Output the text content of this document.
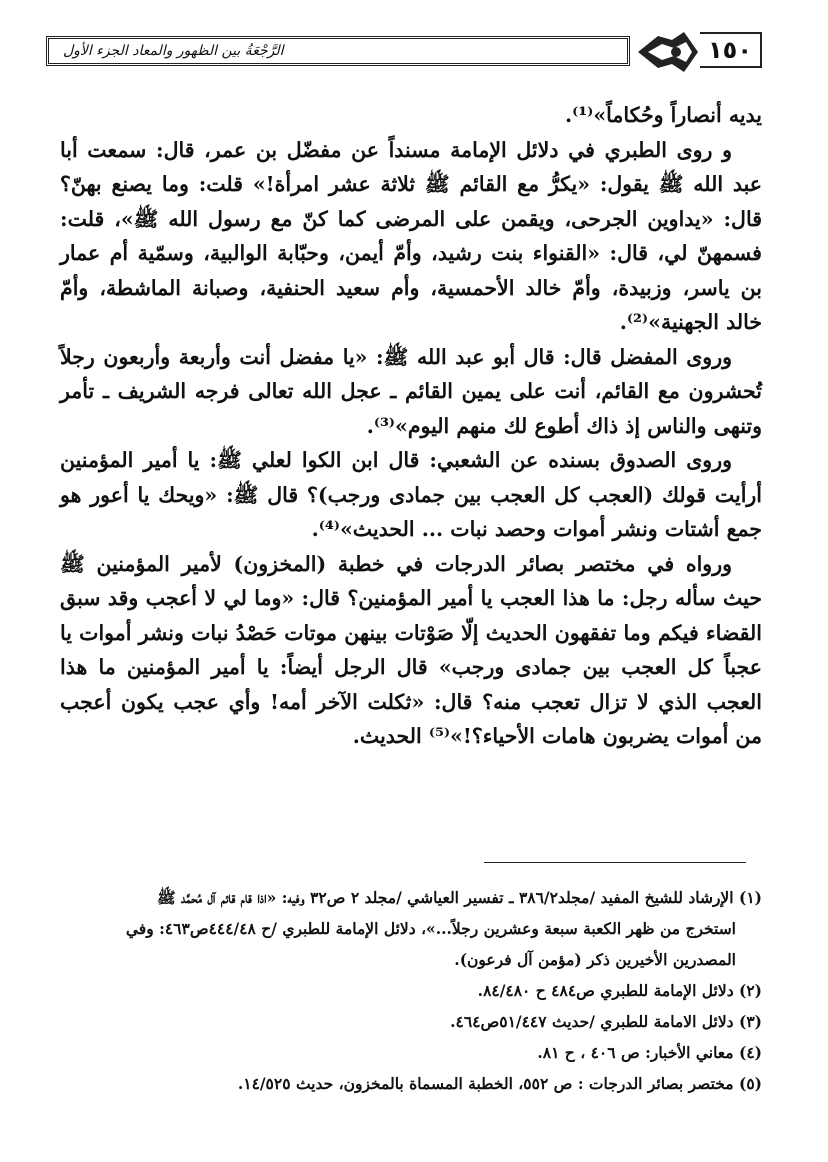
الرَّجْعَةُ بين الظهور والمعاد الجزء الأول	١٥٠

يديه أنصاراً وحُكاماً»⁽¹⁾.

و روى الطبري في دلائل الإمامة مسنداً عن مفضّل بن عمر، قال: سمعت أبا عبد الله ﷺ يقول: «يكرُّ مع القائم ﷺ ثلاثة عشر امرأة!» قلت: وما يصنع بهنّ؟ قال: «يداوين الجرحى، ويقمن على المرضى كما كنّ مع رسول الله ﷺ»، قلت: فسمهنّ لي، قال: «القنواء بنت رشيد، وأمّ أيمن، وحبّابة الوالبية، وسمّية أم عمار بن ياسر، وزبيدة، وأمّ خالد الأحمسية، وأم سعيد الحنفية، وصبانة الماشطة، وأمّ خالد الجهنية»⁽²⁾.

وروى المفضل قال: قال أبو عبد الله ﷺ: «يا مفضل أنت وأربعة وأربعون رجلاً تُحشرون مع القائم، أنت على يمين القائم ـ عجل الله تعالى فرجه الشريف ـ تأمر وتنهى والناس إذ ذاك أطوع لك منهم اليوم»⁽³⁾.

وروى الصدوق بسنده عن الشعبي: قال ابن الكوا لعلي ﷺ: يا أمير المؤمنين أرأيت قولك (العجب كل العجب بين جمادى ورجب)؟ قال ﷺ: «ويحك يا أعور هو جمع أشتات ونشر أموات وحصد نبات ... الحديث»⁽⁴⁾.

ورواه في مختصر بصائر الدرجات في خطبة (المخزون) لأمير المؤمنين ﷺ حيث سأله رجل: ما هذا العجب يا أمير المؤمنين؟ قال: «وما لي لا أعجب وقد سبق القضاء فيكم وما تفقهون الحديث إلّا صَوْتات بينهن موتات حَصْدُ نبات ونشر أموات يا عجباً كل العجب بين جمادى ورجب» قال الرجل أيضاً: يا أمير المؤمنين ما هذا العجب الذي لا تزال تعجب منه؟ قال: «ثكلت الآخر أمه! وأي عجب يكون أعجب من أموات يضربون هامات الأحياء؟!»⁽⁵⁾ الحديث.

(١) الإرشاد للشيخ المفيد /مجلد٣٨٦/٢ ـ تفسير العياشي /مجلد ٢ ص٣٢ وفيه: «اذا قام قائم آل مُحمَّد ﷺ

استخرج من ظهر الكعبة سبعة وعشرين رجلاً...»، دلائل الإمامة للطبري /ح ٤٤٤/٤٨ص٤٦٣: وفي

المصدرين الأخيرين ذكر (مؤمن آل فرعون).

(٢) دلائل الإمامة للطبري ص٤٨٤ ح ٨٤/٤٨٠.

(٣) دلائل الامامة للطبري /حديث ٥١/٤٤٧ص٤٦٤.

(٤) معاني الأخبار: ص ٤٠٦ ، ح ٨١.

(٥) مختصر بصائر الدرجات : ص ٥٥٢، الخطبة المسماة بالمخزون، حديث ١٤/٥٢٥.
